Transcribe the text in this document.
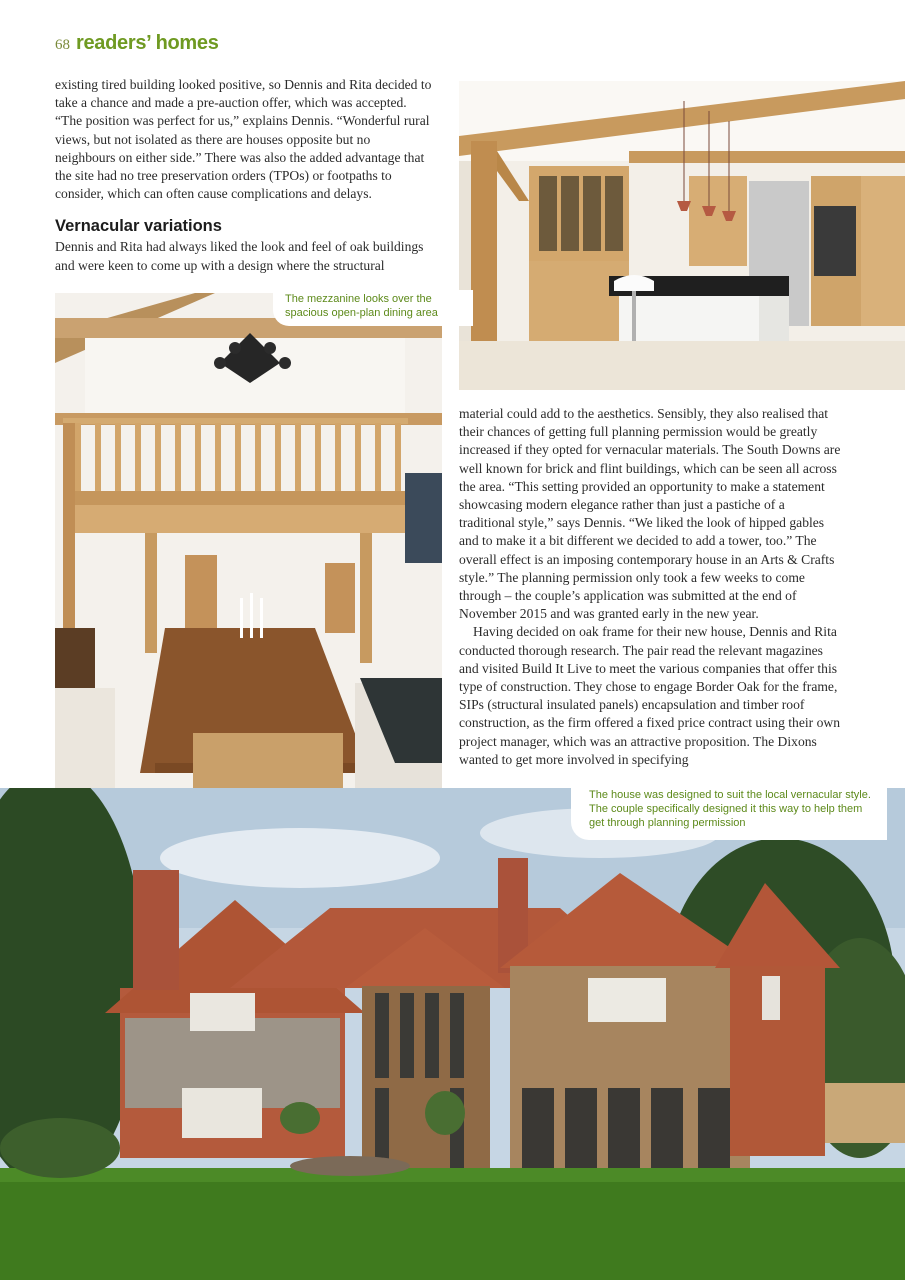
68 readers’ homes

existing tired building looked positive, so Dennis and Rita decided to take a chance and made a pre-auction offer, which was accepted. “The position was perfect for us,” explains Dennis. “Wonderful rural views, but not isolated as there are houses opposite but no neighbours on either side.” There was also the added advantage that the site had no tree preservation orders (TPOs) or footpaths to consider, which can often cause complications and delays.

Vernacular variations

Dennis and Rita had always liked the look and feel of oak buildings and were keen to come up with a design where the structural

The mezzanine looks over the spacious open-plan dining area

material could add to the aesthetics. Sensibly, they also realised that their chances of getting full planning permission would be greatly increased if they opted for vernacular materials. The South Downs are well known for brick and flint buildings, which can be seen all across the area. “This setting provided an opportunity to make a statement showcasing modern elegance rather than just a pastiche of a traditional style,” says Dennis. “We liked the look of hipped gables and to make it a bit different we decided to add a tower, too.” The overall effect is an imposing contemporary house in an Arts & Crafts style.” The planning permission only took a few weeks to come through – the couple’s application was submitted at the end of November 2015 and was granted early in the new year.

Having decided on oak frame for their new house, Dennis and Rita conducted thorough research. The pair read the relevant magazines and visited Build It Live to meet the various companies that offer this type of construction. They chose to engage Border Oak for the frame, SIPs (structural insulated panels) encapsulation and timber roof construction, as the firm offered a fixed price contract using their own project manager, which was an attractive proposition. The Dixons wanted to get more involved in specifying

The house was designed to suit the local vernacular style. The couple specifically designed it this way to help them get through planning permission
